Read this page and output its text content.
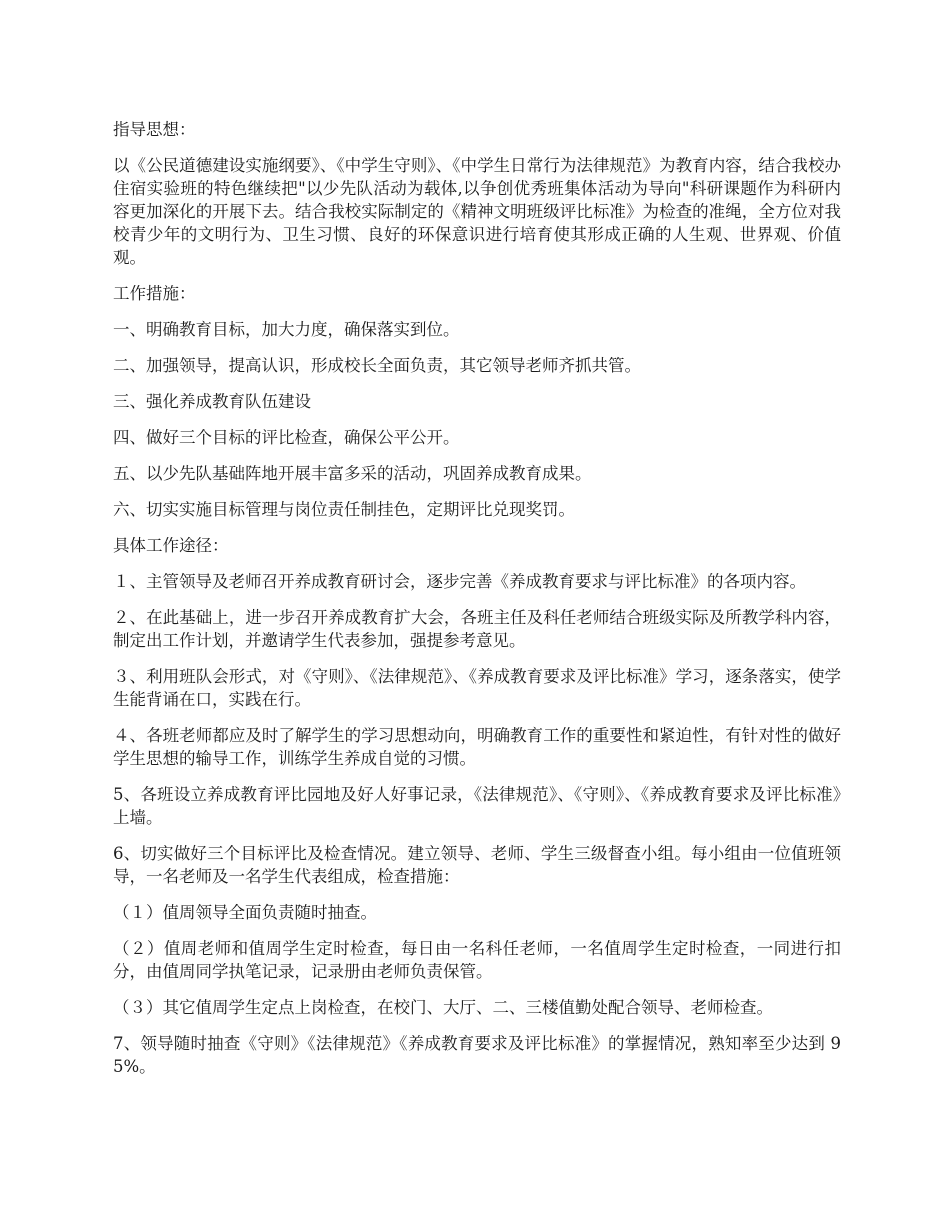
指导思想：

以《公民道德建设实施纲要》、《中学生守则》、《中学生日常行为法律规范》为教育内容，结合我校办住宿实验班的特色继续把"以少先队活动为载体,以争创优秀班集体活动为导向"科研课题作为科研内容更加深化的开展下去。结合我校实际制定的《精神文明班级评比标准》为检查的准绳，全方位对我校青少年的文明行为、卫生习惯、良好的环保意识进行培育使其形成正确的人生观、世界观、价值观。

工作措施：

一、明确教育目标，加大力度，确保落实到位。

二、加强领导，提高认识，形成校长全面负责，其它领导老师齐抓共管。

三、强化养成教育队伍建设

四、做好三个目标的评比检查，确保公平公开。

五、以少先队基础阵地开展丰富多采的活动，巩固养成教育成果。

六、切实实施目标管理与岗位责任制挂色，定期评比兑现奖罚。

具体工作途径：

１、主管领导及老师召开养成教育研讨会，逐步完善《养成教育要求与评比标准》的各项内容。

２、在此基础上，进一步召开养成教育扩大会，各班主任及科任老师结合班级实际及所教学科内容，制定出工作计划，并邀请学生代表参加，强提参考意见。

３、利用班队会形式，对《守则》、《法律规范》、《养成教育要求及评比标准》学习，逐条落实，使学生能背诵在口，实践在行。

４、各班老师都应及时了解学生的学习思想动向，明确教育工作的重要性和紧迫性，有针对性的做好学生思想的输导工作，训练学生养成自觉的习惯。

5、各班设立养成教育评比园地及好人好事记录，《法律规范》、《守则》、《养成教育要求及评比标准》上墙。

6、切实做好三个目标评比及检查情况。建立领导、老师、学生三级督查小组。每小组由一位值班领导，一名老师及一名学生代表组成，检查措施：

（１）值周领导全面负责随时抽查。

（２）值周老师和值周学生定时检查，每日由一名科任老师，一名值周学生定时检查，一同进行扣分，由值周同学执笔记录，记录册由老师负责保管。

（３）其它值周学生定点上岗检查，在校门、大厅、二、三楼值勤处配合领导、老师检查。

7、领导随时抽查《守则》《法律规范》《养成教育要求及评比标准》的掌握情况，熟知率至少达到 95%。
